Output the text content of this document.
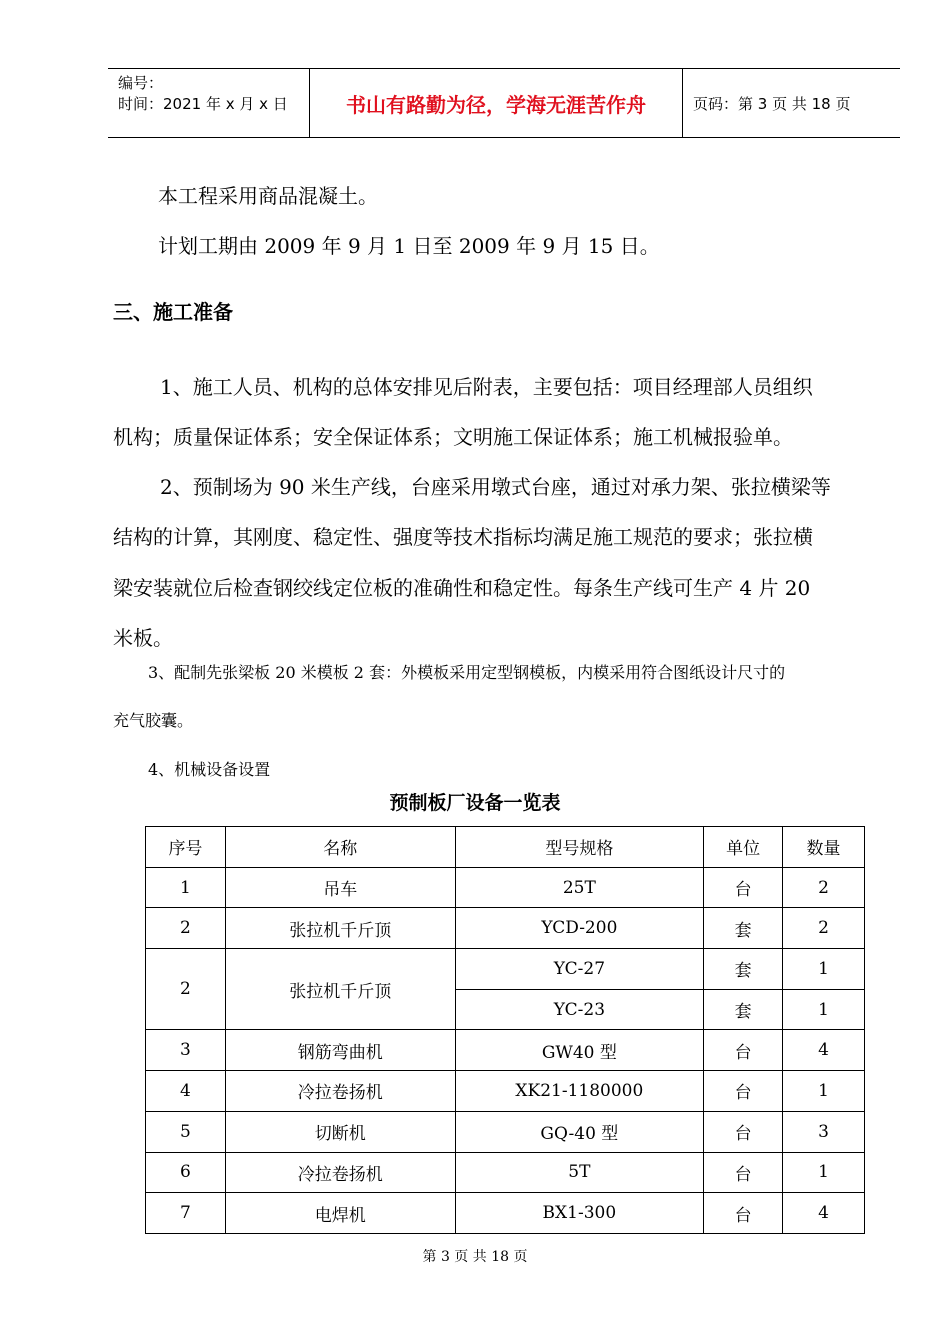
编号：
时间：2021 年 x 月 x 日	书山有路勤为径，学海无涯苦作舟	页码：第 3 页 共 18 页
本工程采用商品混凝土。
计划工期由 2009 年 9 月 1 日至 2009 年 9 月 15 日。
三、施工准备
1、施工人员、机构的总体安排见后附表，主要包括：项目经理部人员组织
机构；质量保证体系；安全保证体系；文明施工保证体系；施工机械报验单。
2、预制场为 90 米生产线，台座采用墩式台座，通过对承力架、张拉横梁等
结构的计算，其刚度、稳定性、强度等技术指标均满足施工规范的要求；张拉横
梁安装就位后检查钢绞线定位板的准确性和稳定性。每条生产线可生产 4 片 20
米板。
3、配制先张梁板 20 米模板 2 套：外模板采用定型钢模板，内模采用符合图纸设计尺寸的
充气胶囊。
4、机械设备设置
预制板厂设备一览表
序号	名称	型号规格	单位	数量
1	吊车	25T	台	2
2	张拉机千斤顶	YCD-200	套	2
2	张拉机千斤顶	YC-27	套	1
		YC-23	套	1
3	钢筋弯曲机	GW40 型	台	4
4	冷拉卷扬机	XK21-1180000	台	1
5	切断机	GQ-40 型	台	3
6	冷拉卷扬机	5T	台	1
7	电焊机	BX1-300	台	4
第 3 页 共 18 页
